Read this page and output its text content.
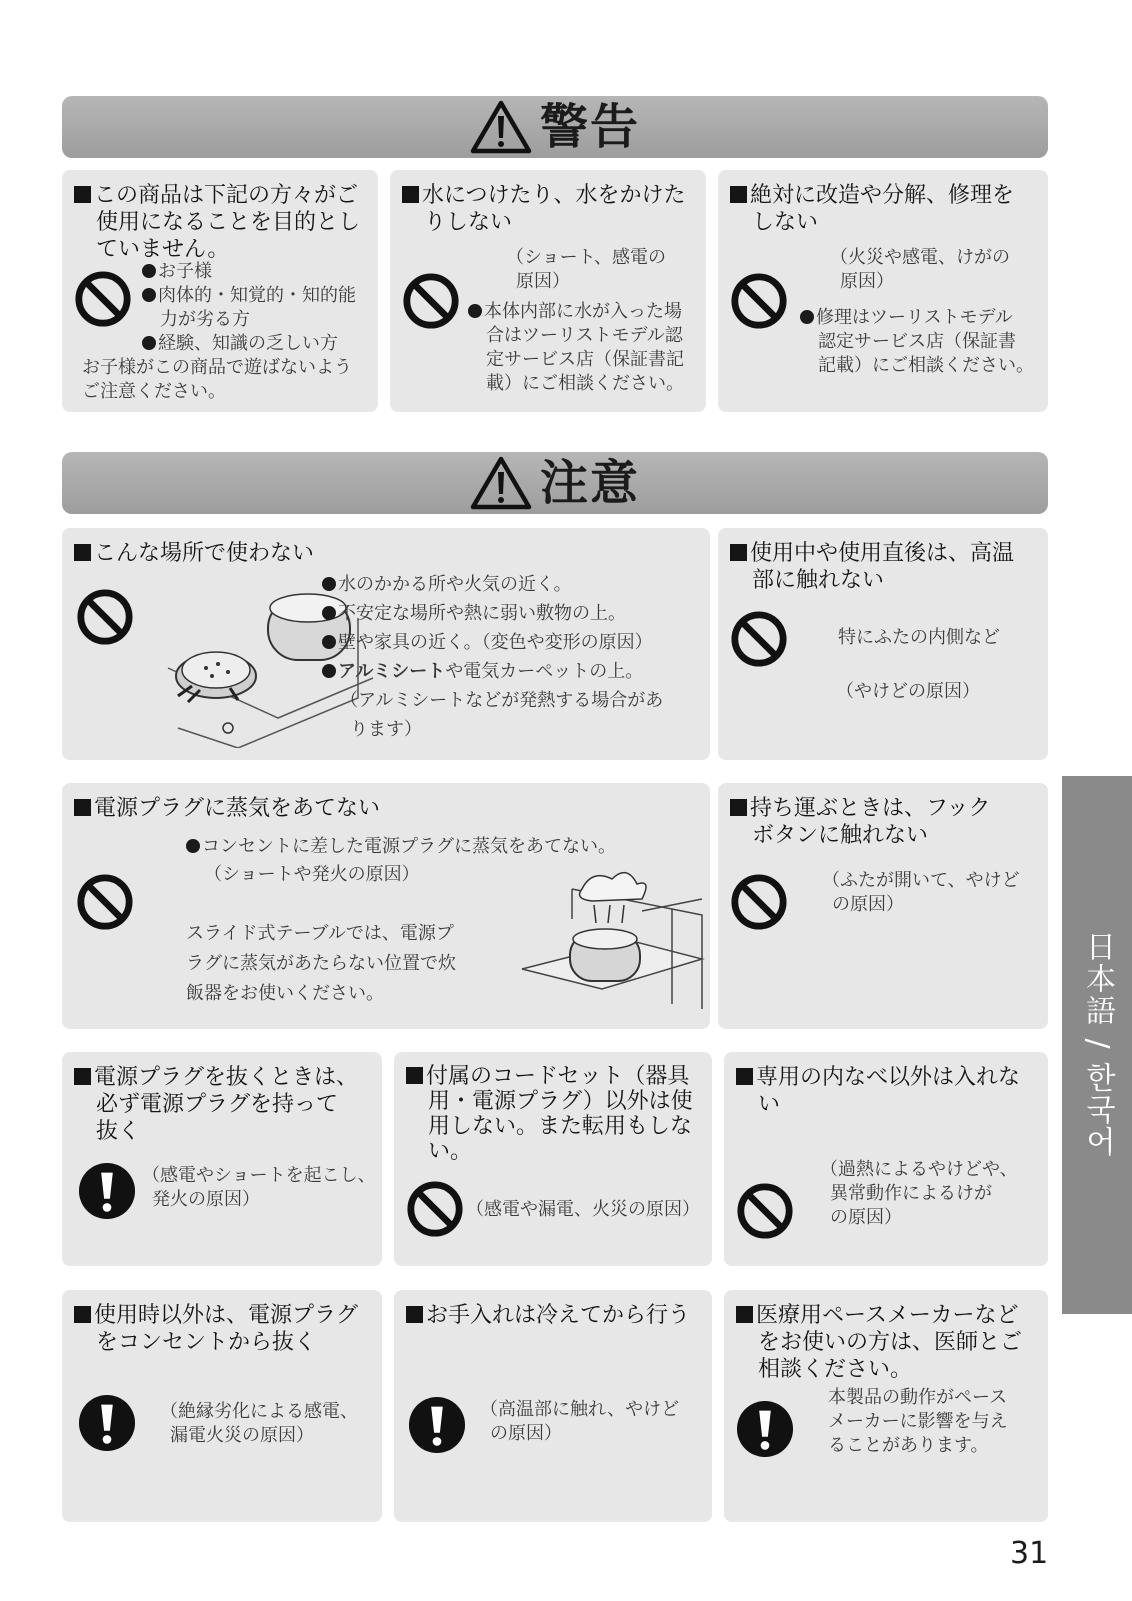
警告
この商品は下記の方々がご
使用になることを目的とし
ていません。
お子様
肉体的・知覚的・知的能
力が劣る方
経験、知識の乏しい方
お子様がこの商品で遊ばないよう
ご注意ください。
水につけたり、水をかけた
りしない
（ショート、感電の
原因）
本体内部に水が入った場
合はツーリストモデル認
定サービス店（保証書記
載）にご相談ください。
絶対に改造や分解、修理を
しない
（火災や感電、けがの
原因）
修理はツーリストモデル
認定サービス店（保証書
記載）にご相談ください。
注意
こんな場所で使わない
水のかかる所や火気の近く。
不安定な場所や熱に弱い敷物の上。
壁や家具の近く。（変色や変形の原因）
アルミシートや電気カーペットの上。
（アルミシートなどが発熱する場合があ
ります）
使用中や使用直後は、高温
部に触れない
特にふたの内側など
（やけどの原因）
電源プラグに蒸気をあてない
コンセントに差した電源プラグに蒸気をあてない。
（ショートや発火の原因）
スライド式テーブルでは、電源プ
ラグに蒸気があたらない位置で炊
飯器をお使いください。
持ち運ぶときは、フック
ボタンに触れない
（ふたが開いて、やけど
の原因）
電源プラグを抜くときは、
必ず電源プラグを持って
抜く
（感電やショートを起こし、
発火の原因）
付属のコードセット（器具
用・電源プラグ）以外は使
用しない。また転用もしな
い。
（感電や漏電、火災の原因）
専用の内なべ以外は入れな
い
（過熱によるやけどや、
異常動作によるけが
の原因）
使用時以外は、電源プラグ
をコンセントから抜く
（絶縁劣化による感電、
漏電火災の原因）
お手入れは冷えてから行う
（高温部に触れ、やけど
の原因）
医療用ペースメーカーなど
をお使いの方は、医師とご
相談ください。
本製品の動作がペース
メーカーに影響を与え
ることがあります。
日本語 / 한국어
31
